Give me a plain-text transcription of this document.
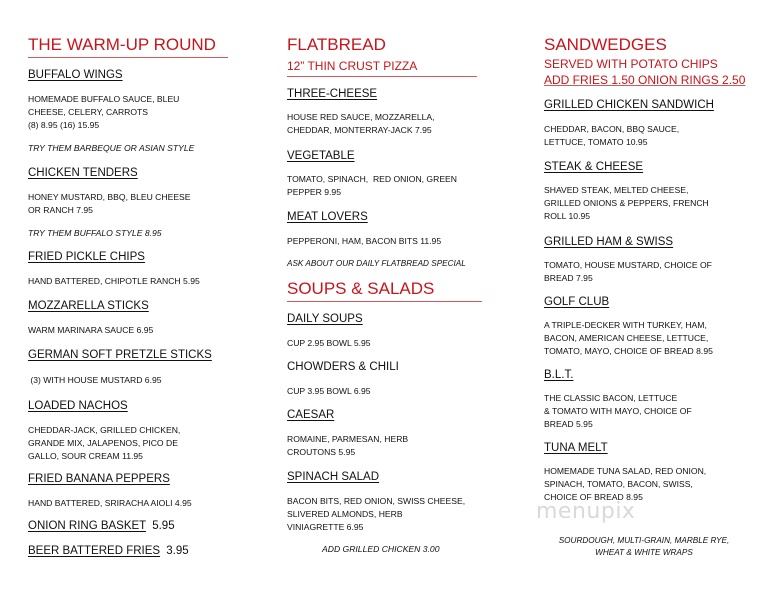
THE WARM-UP ROUND
BUFFALO WINGS
HOMEMADE BUFFALO SAUCE, BLEU
CHEESE, CELERY, CARROTS
(8) 8.95 (16) 15.95
TRY THEM BARBEQUE OR ASIAN STYLE
CHICKEN TENDERS
HONEY MUSTARD, BBQ, BLEU CHEESE
OR RANCH 7.95
TRY THEM BUFFALO STYLE 8.95
FRIED PICKLE CHIPS
HAND BATTERED, CHIPOTLE RANCH 5.95
MOZZARELLA STICKS
WARM MARINARA SAUCE 6.95
GERMAN SOFT PRETZLE STICKS
(3) WITH HOUSE MUSTARD 6.95
LOADED NACHOS
CHEDDAR-JACK, GRILLED CHICKEN,
GRANDE MIX, JALAPENOS, PICO DE
GALLO, SOUR CREAM 11.95
FRIED BANANA PEPPERS
HAND BATTERED, SRIRACHA AIOLI 4.95
ONION RING BASKET 5.95
BEER BATTERED FRIES 3.95
FLATBREAD
12” THIN CRUST PIZZA
THREE-CHEESE
HOUSE RED SAUCE, MOZZARELLA,
CHEDDAR, MONTERRAY-JACK 7.95
VEGETABLE
TOMATO, SPINACH,  RED ONION, GREEN
PEPPER 9.95
MEAT LOVERS
PEPPERONI, HAM, BACON BITS 11.95
ASK ABOUT OUR DAILY FLATBREAD SPECIAL
SOUPS & SALADS
DAILY SOUPS
CUP 2.95 BOWL 5.95
CHOWDERS & CHILI
CUP 3.95 BOWL 6.95
CAESAR
ROMAINE, PARMESAN, HERB
CROUTONS 5.95
SPINACH SALAD
BACON BITS, RED ONION, SWISS CHEESE,
SLIVERED ALMONDS, HERB
VINIAGRETTE 6.95
ADD GRILLED CHICKEN 3.00
SANDWEDGES
SERVED WITH POTATO CHIPS
ADD FRIES 1.50 ONION RINGS 2.50
GRILLED CHICKEN SANDWICH
CHEDDAR, BACON, BBQ SAUCE,
LETTUCE, TOMATO 10.95
STEAK & CHEESE
SHAVED STEAK, MELTED CHEESE,
GRILLED ONIONS & PEPPERS, FRENCH
ROLL 10.95
GRILLED HAM & SWISS
TOMATO, HOUSE MUSTARD, CHOICE OF
BREAD 7.95
GOLF CLUB
A TRIPLE-DECKER WITH TURKEY, HAM,
BACON, AMERICAN CHEESE, LETTUCE,
TOMATO, MAYO, CHOICE OF BREAD 8.95
B.L.T.
THE CLASSIC BACON, LETTUCE
& TOMATO WITH MAYO, CHOICE OF
BREAD 5.95
TUNA MELT
HOMEMADE TUNA SALAD, RED ONION,
SPINACH, TOMATO, BACON, SWISS,
CHOICE OF BREAD 8.95
SOURDOUGH, MULTI-GRAIN, MARBLE RYE,
WHEAT & WHITE WRAPS
menupix
